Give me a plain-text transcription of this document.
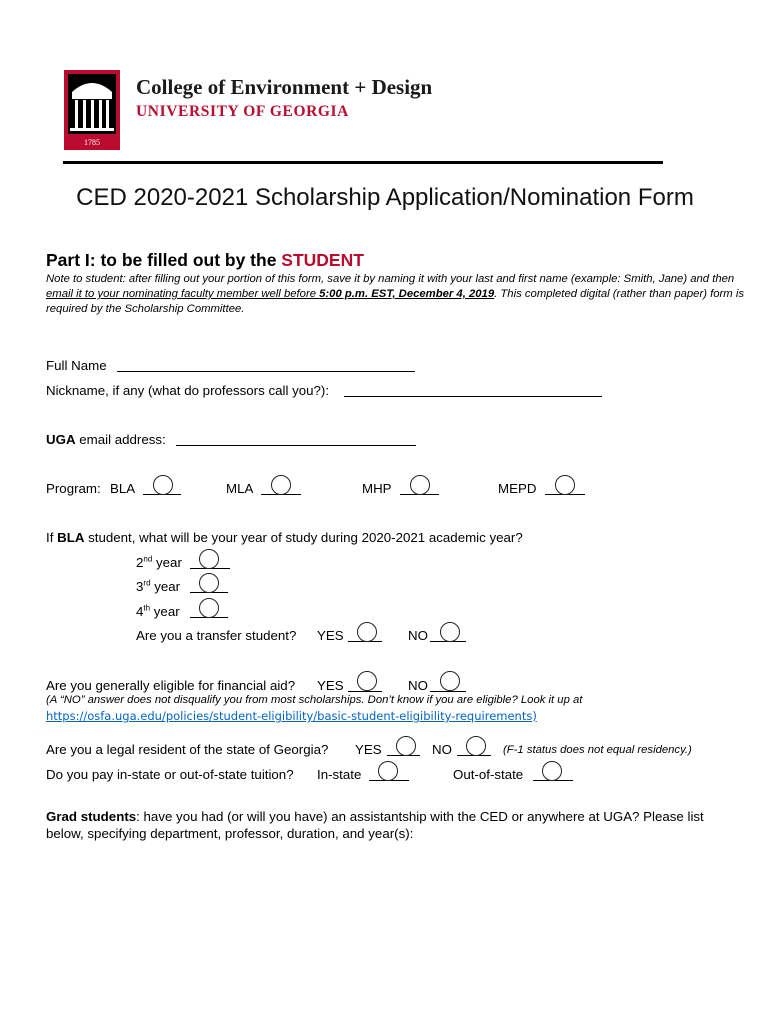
1785
College of Environment + Design
UNIVERSITY OF GEORGIA
CED 2020-2021 Scholarship Application/Nomination Form
Part I: to be filled out by the STUDENT
Note to student: after filling out your portion of this form, save it by naming it with your last and first name (example: Smith, Jane) and then email it to your nominating faculty member well before 5:00 p.m. EST, December 4, 2019. This completed digital (rather than paper) form is required by the Scholarship Committee.
Full Name
Nickname, if any (what do professors call you?):
UGA email address:
Program: BLA	MLA	MHP	MEPD
If BLA student, what will be your year of study during 2020-2021 academic year?
2nd year
3rd year
4th year
Are you a transfer student? YES	NO
Are you generally eligible for financial aid? YES	NO
(A “NO” answer does not disqualify you from most scholarships. Don’t know if you are eligible? Look it up at
https://osfa.uga.edu/policies/student-eligibility/basic-student-eligibility-requirements)
Are you a legal resident of the state of Georgia? YES	NO	(F-1 status does not equal residency.)
Do you pay in-state or out-of-state tuition? In-state	Out-of-state
Grad students: have you had (or will you have) an assistantship with the CED or anywhere at UGA? Please list below, specifying department, professor, duration, and year(s):
